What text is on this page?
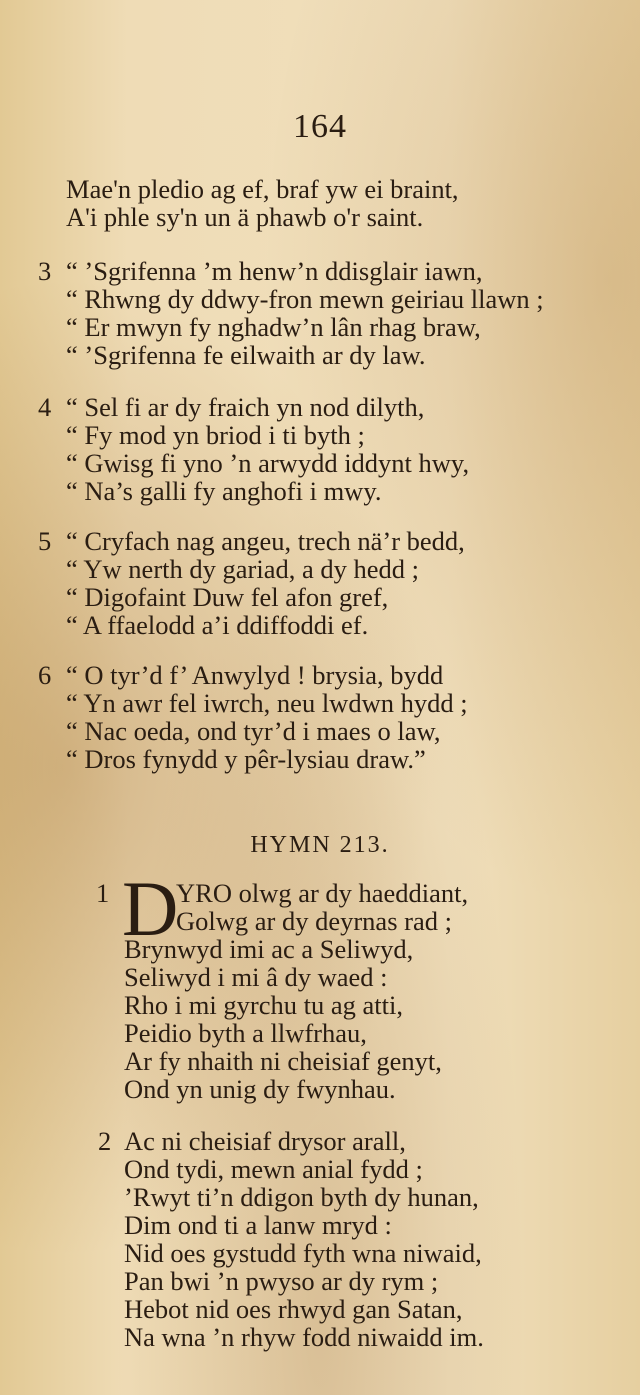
164
Mae'n pledio ag ef, braf yw ei braint,
A'i phle sy'n un ä phawb o'r saint.
3 “ ’Sgrifenna ’m henw’n ddisglair iawn,
“ Rhwng dy ddwy-fron mewn geiriau llawn ;
“ Er mwyn fy nghadw’n lân rhag braw,
“ ’Sgrifenna fe eilwaith ar dy law.
4 “ Sel fi ar dy fraich yn nod dilyth,
“ Fy mod yn briod i ti byth ;
“ Gwisg fi yno ’n arwydd iddynt hwy,
“ Na’s galli fy anghofi i mwy.
5 “ Cryfach nag angeu, trech nä’r bedd,
“ Yw nerth dy gariad, a dy hedd ;
“ Digofaint Duw fel afon gref,
“ A ffaelodd a’i ddiffoddi ef.
6 “ O tyr’d f’ Anwylyd ! brysia, bydd
“ Yn awr fel iwrch, neu lwdwn hydd ;
“ Nac oeda, ond tyr’d i maes o law,
“ Dros fynydd y pêr-lysiau draw.”
HYMN 213.
1 D
YRO olwg ar dy haeddiant,
Golwg ar dy deyrnas rad ;
Brynwyd imi ac a Seliwyd,
Seliwyd i mi â dy waed :
Rho i mi gyrchu tu ag atti,
Peidio byth a llwfrhau,
Ar fy nhaith ni cheisiaf genyt,
Ond yn unig dy fwynhau.
2 Ac ni cheisiaf drysor arall,
Ond tydi, mewn anial fydd ;
’Rwyt ti’n ddigon byth dy hunan,
Dim ond ti a lanw mryd :
Nid oes gystudd fyth wna niwaid,
Pan bwi ’n pwyso ar dy rym ;
Hebot nid oes rhwyd gan Satan,
Na wna ’n rhyw fodd niwaidd im.
